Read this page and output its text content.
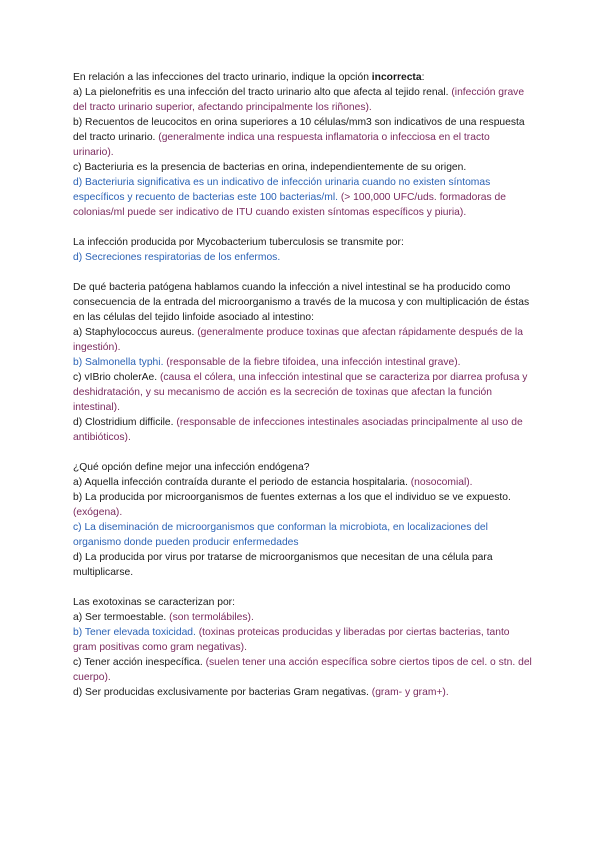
En relación a las infecciones del tracto urinario, indique la opción incorrecta:

a) La pielonefritis es una infección del tracto urinario alto que afecta al tejido renal. (infección grave del tracto urinario superior, afectando principalmente los riñones).

b) Recuentos de leucocitos en orina superiores a 10 células/mm3 son indicativos de una respuesta del tracto urinario. (generalmente indica una respuesta inflamatoria o infecciosa en el tracto urinario).

c) Bacteriuria es la presencia de bacterias en orina, independientemente de su origen.

d) Bacteriuria significativa es un indicativo de infección urinaria cuando no existen síntomas específicos y recuento de bacterias este 100 bacterias/ml. (> 100,000 UFC/uds. formadoras de colonias/ml puede ser indicativo de ITU cuando existen síntomas específicos y piuria).

La infección producida por Mycobacterium tuberculosis se transmite por:

d) Secreciones respiratorias de los enfermos.

De qué bacteria patógena hablamos cuando la infección a nivel intestinal se ha producido como consecuencia de la entrada del microorganismo a través de la mucosa y con multiplicación de éstas en las células del tejido linfoide asociado al intestino:

a) Staphylococcus aureus. (generalmente produce toxinas que afectan rápidamente después de la ingestión).

b) Salmonella typhi. (responsable de la fiebre tifoidea, una infección intestinal grave).

c) vIBrio cholerAe. (causa el cólera, una infección intestinal que se caracteriza por diarrea profusa y deshidratación, y su mecanismo de acción es la secreción de toxinas que afectan la función intestinal).

d) Clostridium difficile. (responsable de infecciones intestinales asociadas principalmente al uso de antibióticos).

¿Qué opción define mejor una infección endógena?

a) Aquella infección contraída durante el periodo de estancia hospitalaria. (nosocomial).

b) La producida por microorganismos de fuentes externas a los que el individuo se ve expuesto. (exógena).

c) La diseminación de microorganismos que conforman la microbiota, en localizaciones del organismo donde pueden producir enfermedades

d) La producida por virus por tratarse de microorganismos que necesitan de una célula para multiplicarse.

Las exotoxinas se caracterizan por:

a) Ser termoestable. (son termolábiles).

b) Tener elevada toxicidad. (toxinas proteicas producidas y liberadas por ciertas bacterias, tanto gram positivas como gram negativas).

c) Tener acción inespecífica. (suelen tener una acción específica sobre ciertos tipos de cel. o stn. del cuerpo).

d) Ser producidas exclusivamente por bacterias Gram negativas. (gram- y gram+).
